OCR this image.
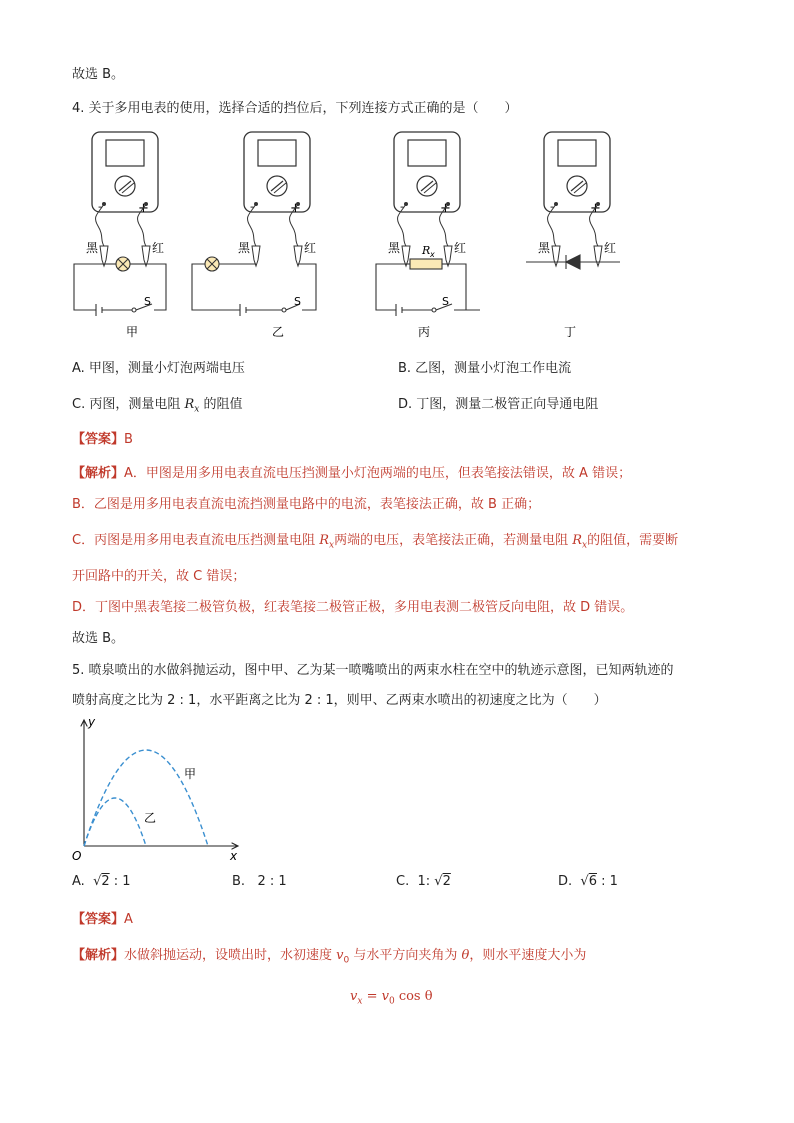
故选 B。
4. 关于多用电表的使用，选择合适的挡位后，下列连接方式正确的是（　　）
-	+	-	+	-	+	-	+
黑	红	黑	红	黑	红	黑	红
S	S
R x
S
甲	乙	丙	丁
A. 甲图，测量小灯泡两端电压	B. 乙图，测量小灯泡工作电流
C. 丙图，测量电阻 $R_x$ 的阻值	D. 丁图，测量二极管正向导通电阻
【答案】B
【解析】A．甲图是用多用电表直流电压挡测量小灯泡两端的电压，但表笔接法错误，故 A 错误；
B．乙图是用多用电表直流电流挡测量电路中的电流，表笔接法正确，故 B 正确；
C．丙图是用多用电表直流电压挡测量电阻 $R_x$两端的电压，表笔接法正确，若测量电阻 $R_x$的阻值，需要断
开回路中的开关，故 C 错误；
D．丁图中黑表笔接二极管负极，红表笔接二极管正极，多用电表测二极管反向电阻，故 D 错误。
故选 B。
5. 喷泉喷出的水做斜抛运动，图中甲、乙为某一喷嘴喷出的两束水柱在空中的轨迹示意图，已知两轨迹的
喷射高度之比为 2 : 1，水平距离之比为 2 : 1，则甲、乙两束水喷出的初速度之比为（　　）
y
x
O
甲
乙
A. √2 : 1	B. 2 : 1	C. 1: √2	D. √6 : 1
【答案】A
【解析】水做斜抛运动，设喷出时，水初速度 $v_0$ 与水平方向夹角为 θ，则水平速度大小为
$v_x = v_0$ cos θ
